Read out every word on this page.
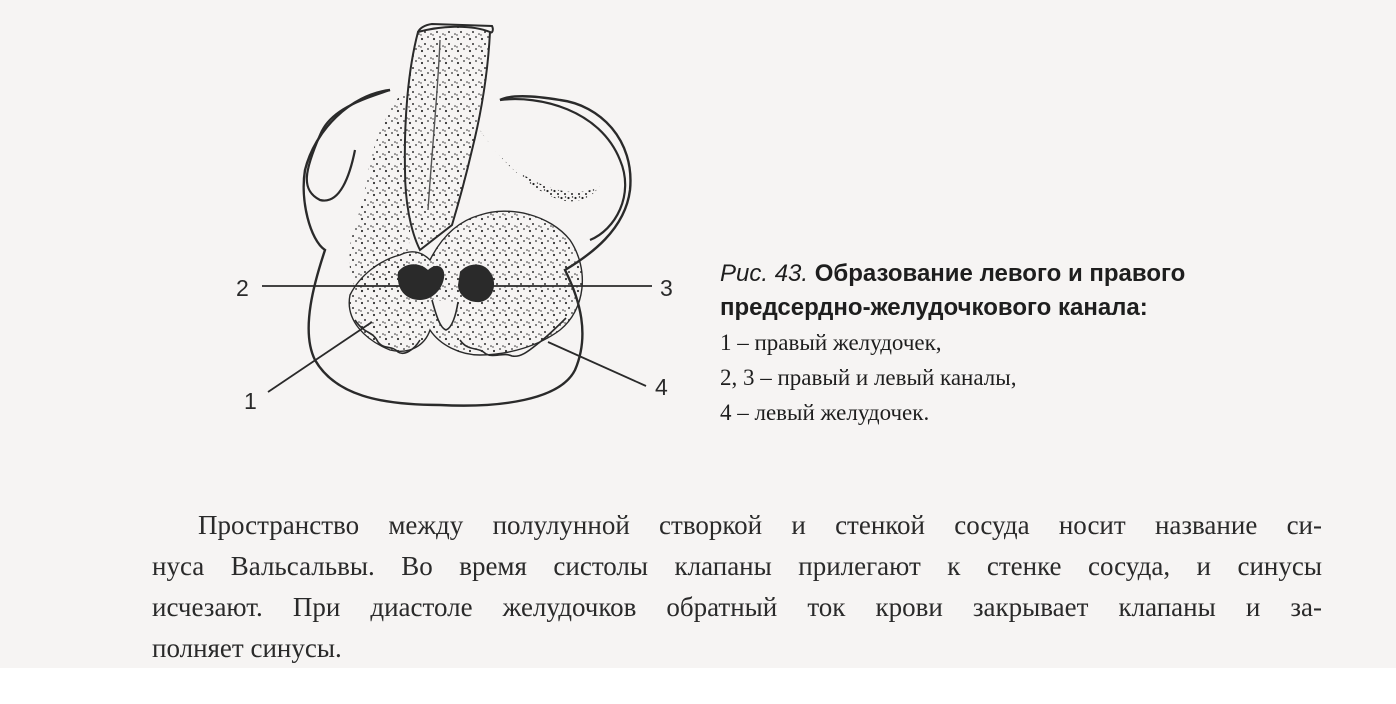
2	3
1
4
Рис. 43. Образование левого и правого
предсердно-желудочкового канала:
1 – правый желудочек,
2, 3 – правый и левый каналы,
4 – левый желудочек.
Пространство между полулунной створкой и стенкой сосуда носит название си-
нуса Вальсальвы. Во время систолы клапаны прилегают к стенке сосуда, и синусы
исчезают. При диастоле желудочков обратный ток крови закрывает клапаны и за-
полняет синусы.
